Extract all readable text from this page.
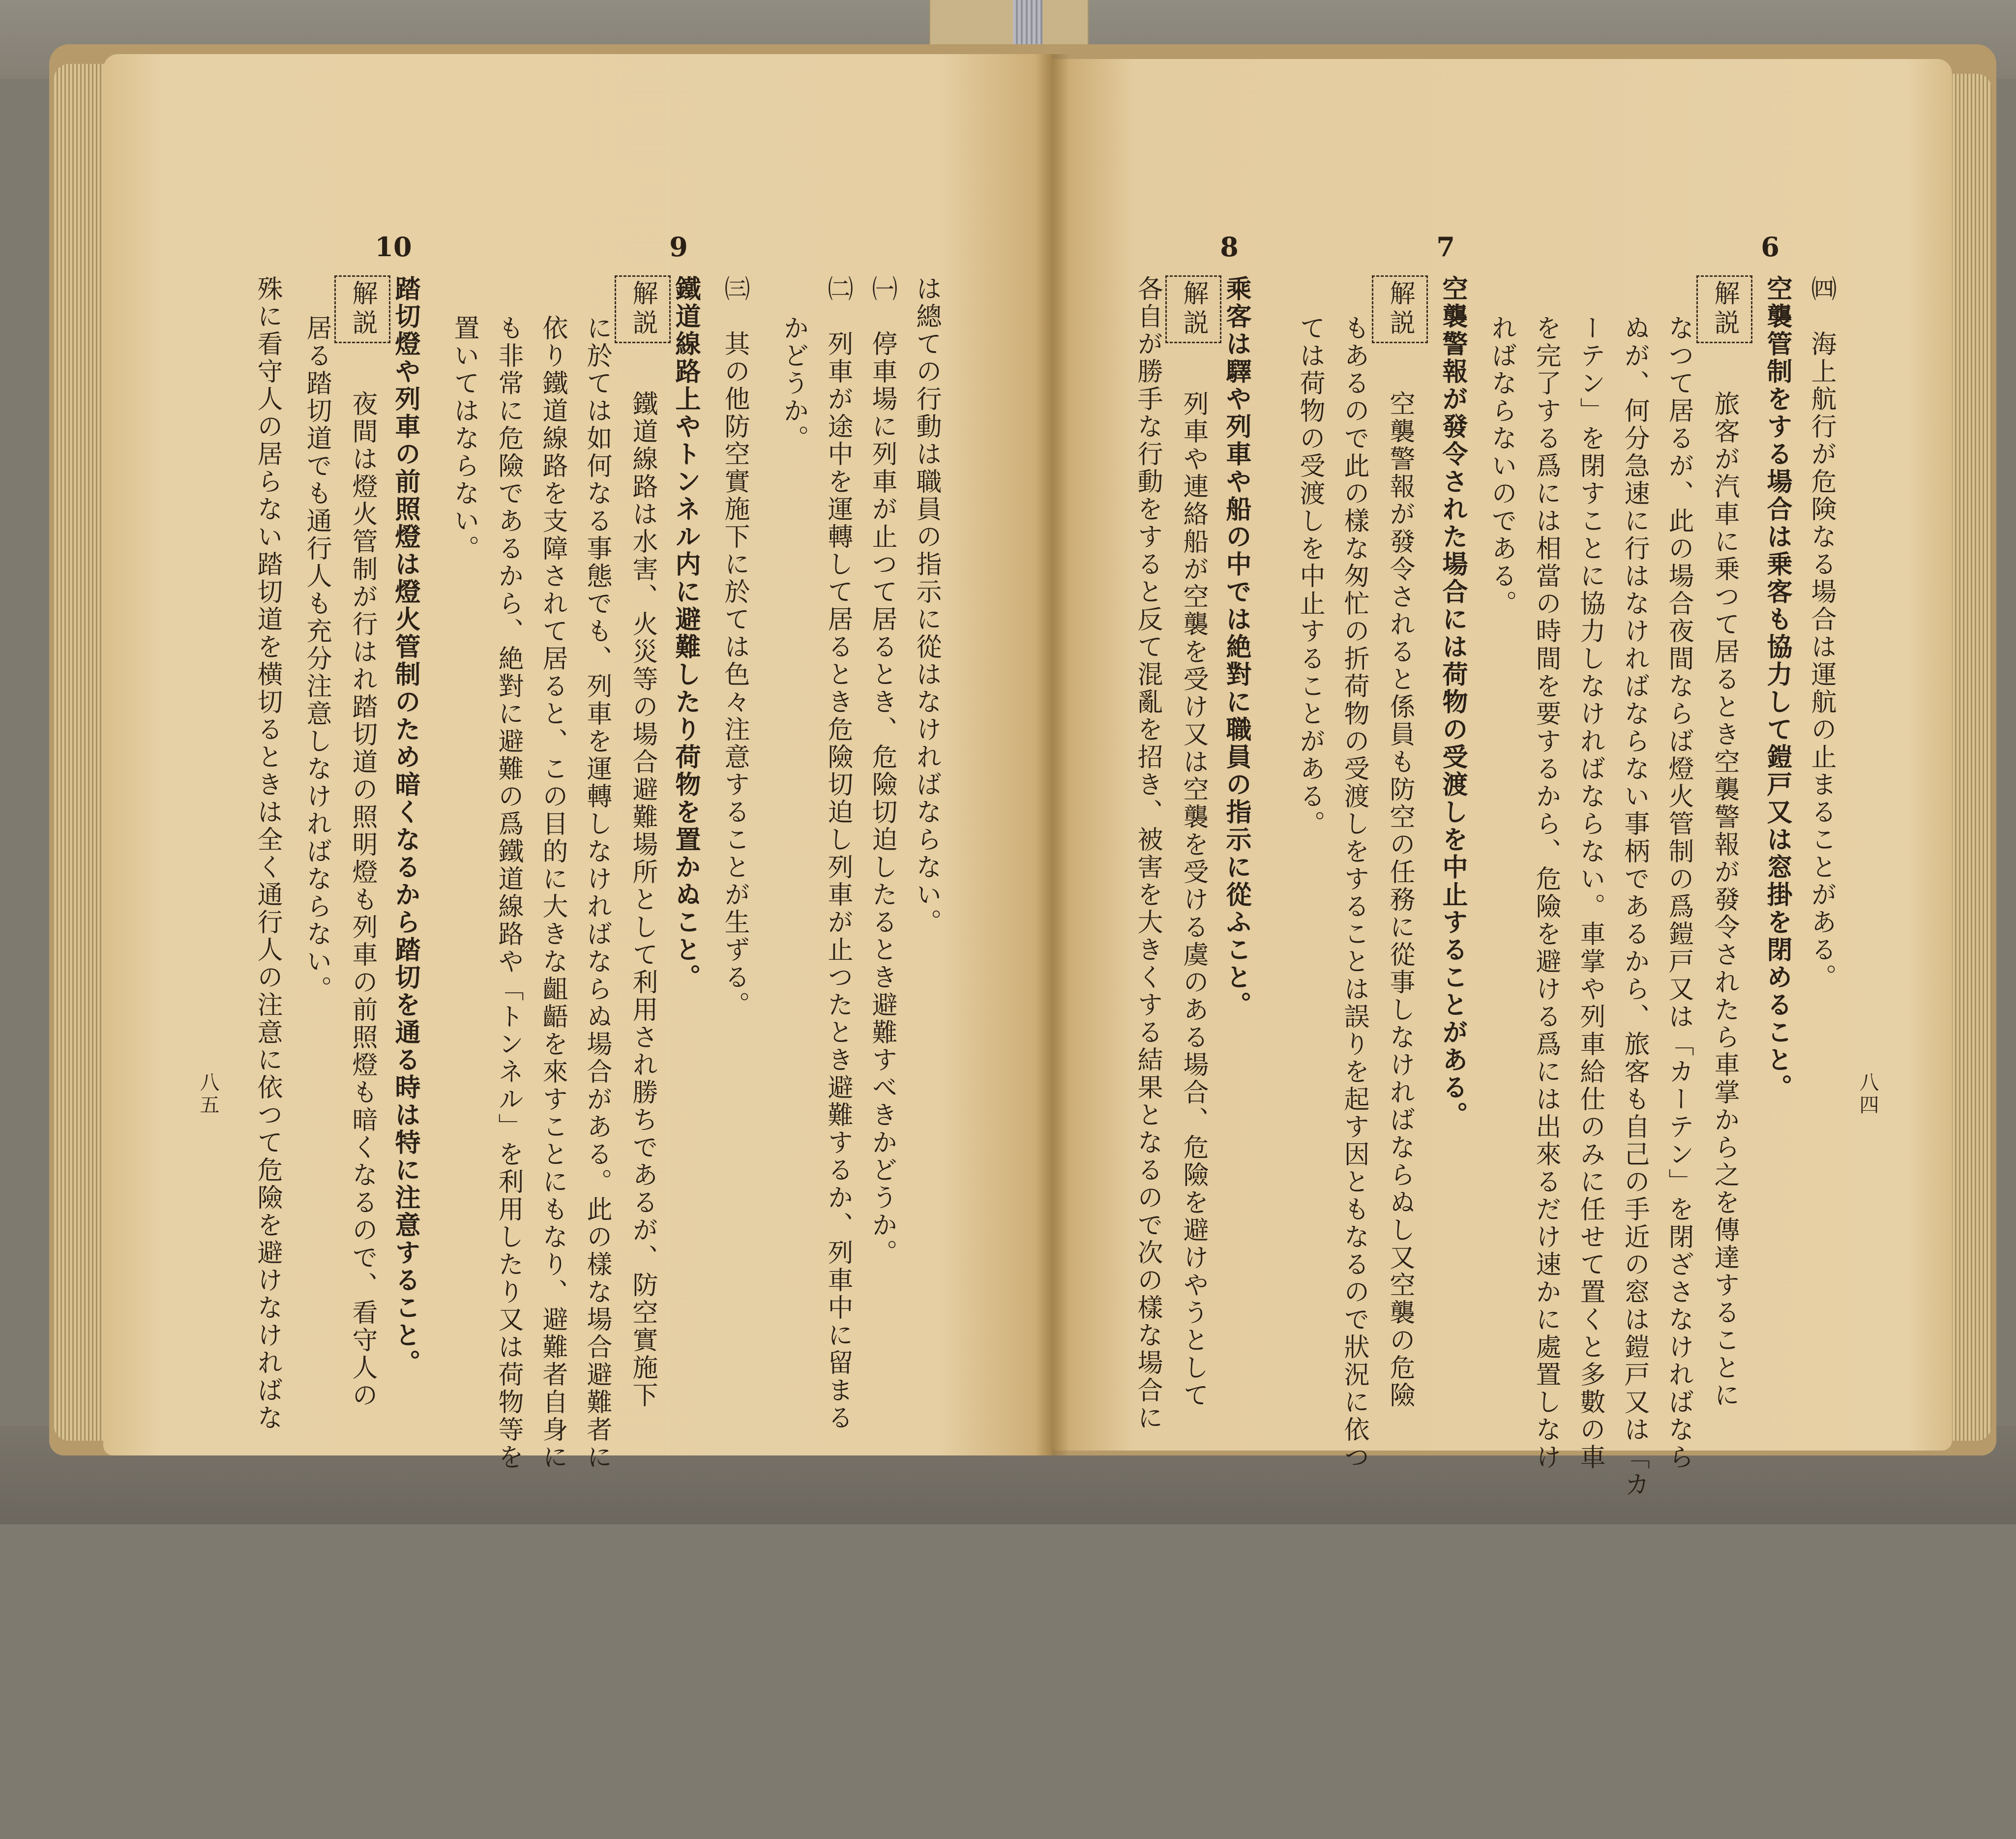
㈣　海上航行が危険なる場合は運航の止まることがある。
6
空襲管制をする場合は乗客も協力して鎧戸又は窓掛を閉めること。
解説　旅客が汽車に乗つて居るとき空襲警報が發令されたら車掌から之を傳達することに
なつて居るが、此の場合夜間ならば燈火管制の爲鎧戸又は「カーテン」を閉ざさなければなら
ぬが、何分急速に行はなければならない事柄であるから、旅客も自己の手近の窓は鎧戸又は「カ
ーテン」を閉すことに協力しなければならない。車掌や列車給仕のみに任せて置くと多數の車
を完了する爲には相當の時間を要するから、危險を避ける爲には出來るだけ速かに處置しなけ
ればならないのである。
7
空襲警報が發令された場合には荷物の受渡しを中止することがある。
解説　空襲警報が發令されると係員も防空の任務に從事しなければならぬし又空襲の危險
もあるので此の樣な匆忙の折荷物の受渡しをすることは誤りを起す因ともなるので狀況に依つ
ては荷物の受渡しを中止することがある。
8
乘客は驛や列車や船の中では絶對に職員の指示に從ふこと。
解説　列車や連絡船が空襲を受け又は空襲を受ける虞のある場合、危險を避けやうとして
各自が勝手な行動をすると反て混亂を招き、被害を大きくする結果となるので次の樣な場合に	八四
は總ての行動は職員の指示に從はなければならない。
㈠　停車場に列車が止つて居るとき、危險切迫したるとき避難すべきかどうか。
㈡　列車が途中を運轉して居るとき危險切迫し列車が止つたとき避難するか、列車中に留まる
かどうか。
㈢　其の他防空實施下に於ては色々注意することが生ずる。
9
鐵道線路上やトンネル内に避難したり荷物を置かぬこと。
解説　鐵道線路は水害、火災等の場合避難場所として利用され勝ちであるが、防空實施下
に於ては如何なる事態でも、列車を運轉しなければならぬ場合がある。此の樣な場合避難者に
依り鐵道線路を支障されて居ると、この目的に大きな齟齬を來すことにもなり、避難者自身に
も非常に危險であるから、絶對に避難の爲鐵道線路や「トンネル」を利用したり又は荷物等を
置いてはならない。
10
踏切燈や列車の前照燈は燈火管制のため暗くなるから踏切を通る時は特に注意すること。
解説　夜間は燈火管制が行はれ踏切道の照明燈も列車の前照燈も暗くなるので、看守人の
居る踏切道でも通行人も充分注意しなければならない。
殊に看守人の居らない踏切道を横切るときは全く通行人の注意に依つて危險を避けなければな
八五
